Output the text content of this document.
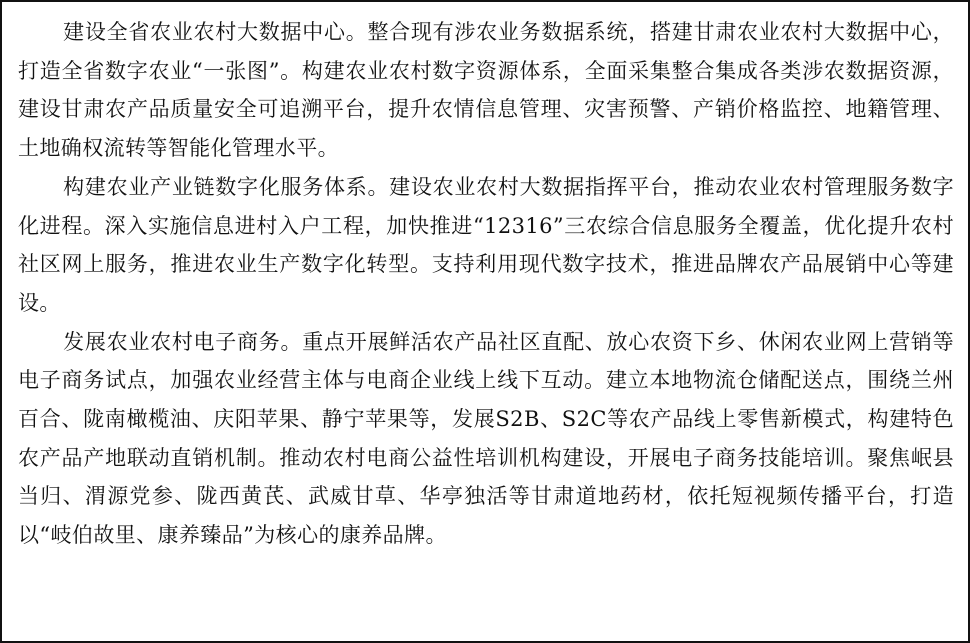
建设全省农业农村大数据中心。整合现有涉农业务数据系统，搭建甘肃农业农村大数据中心，打造全省数字农业“一张图”。构建农业农村数字资源体系，全面采集整合集成各类涉农数据资源，建设甘肃农产品质量安全可追溯平台，提升农情信息管理、灾害预警、产销价格监控、地籍管理、土地确权流转等智能化管理水平。

构建农业产业链数字化服务体系。建设农业农村大数据指挥平台，推动农业农村管理服务数字化进程。深入实施信息进村入户工程，加快推进“12316”三农综合信息服务全覆盖，优化提升农村社区网上服务，推进农业生产数字化转型。支持利用现代数字技术，推进品牌农产品展销中心等建设。

发展农业农村电子商务。重点开展鲜活农产品社区直配、放心农资下乡、休闲农业网上营销等电子商务试点，加强农业经营主体与电商企业线上线下互动。建立本地物流仓储配送点，围绕兰州百合、陇南橄榄油、庆阳苹果、静宁苹果等，发展S2B、S2C等农产品线上零售新模式，构建特色农产品产地联动直销机制。推动农村电商公益性培训机构建设，开展电子商务技能培训。聚焦岷县当归、渭源党参、陇西黄芪、武威甘草、华亭独活等甘肃道地药材，依托短视频传播平台，打造以“岐伯故里、康养臻品”为核心的康养品牌。
